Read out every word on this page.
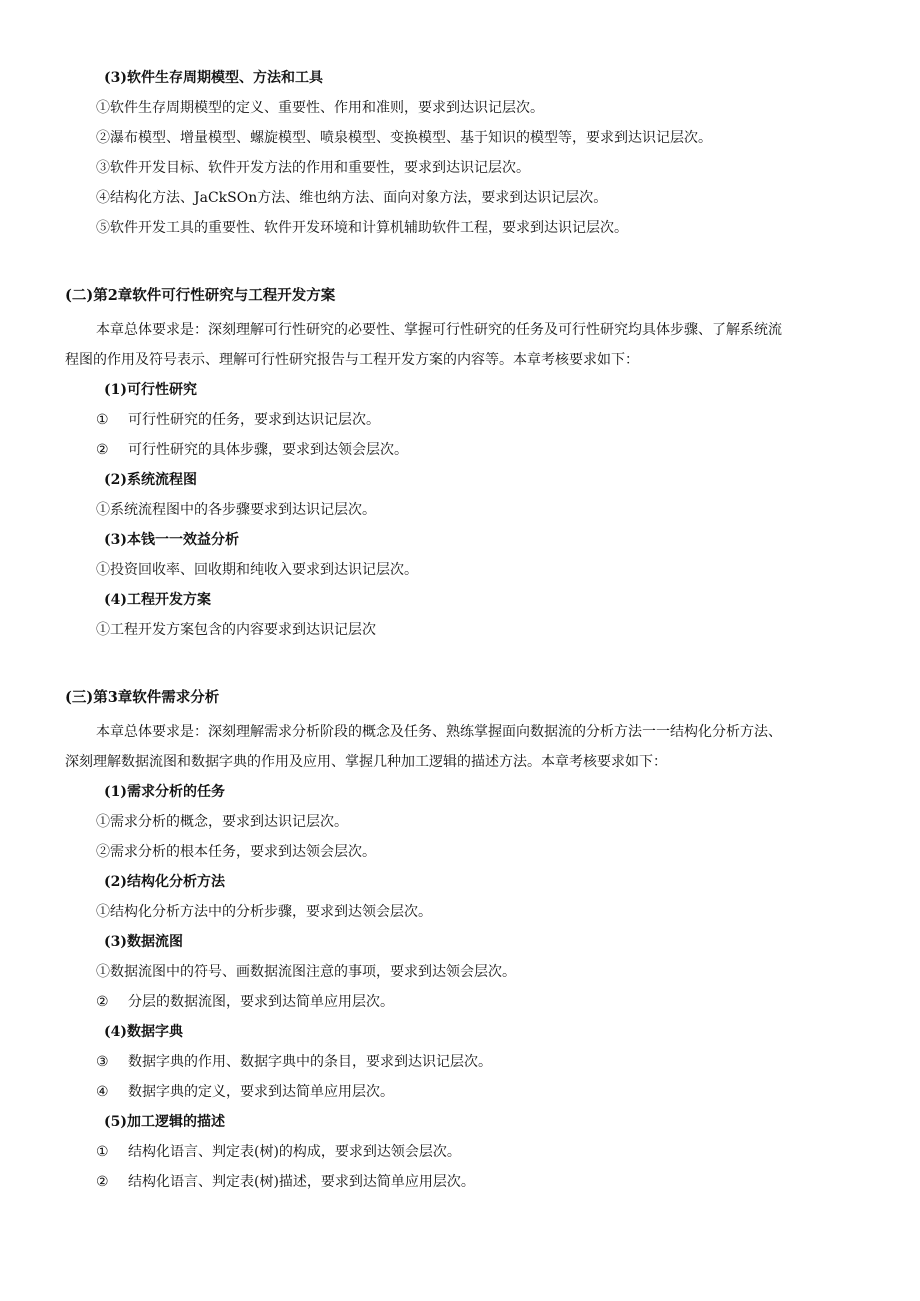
(3)软件生存周期模型、方法和工具
①软件生存周期模型的定义、重要性、作用和准则，要求到达识记层次。
②瀑布模型、增量模型、螺旋模型、喷泉模型、变换模型、基于知识的模型等，要求到达识记层次。
③软件开发目标、软件开发方法的作用和重要性，要求到达识记层次。
④结构化方法、JaCkSOn方法、维也纳方法、面向对象方法，要求到达识记层次。
⑤软件开发工具的重要性、软件开发环境和计算机辅助软件工程，要求到达识记层次。
(二)第2章软件可行性研究与工程开发方案
本章总体要求是：深刻理解可行性研究的必要性、掌握可行性研究的任务及可行性研究均具体步骤、了解系统流
程图的作用及符号表示、理解可行性研究报告与工程开发方案的内容等。本章考核要求如下：
(1)可行性研究
① 可行性研究的任务，要求到达识记层次。
② 可行性研究的具体步骤，要求到达领会层次。
(2)系统流程图
①系统流程图中的各步骤要求到达识记层次。
(3)本钱一一效益分析
①投资回收率、回收期和纯收入要求到达识记层次。
(4)工程开发方案
①工程开发方案包含的内容要求到达识记层次
(三)第3章软件需求分析
本章总体要求是：深刻理解需求分析阶段的概念及任务、熟练掌握面向数据流的分析方法一一结构化分析方法、
深刻理解数据流图和数据字典的作用及应用、掌握几种加工逻辑的描述方法。本章考核要求如下：
(1)需求分析的任务
①需求分析的概念，要求到达识记层次。
②需求分析的根本任务，要求到达领会层次。
(2)结构化分析方法
①结构化分析方法中的分析步骤，要求到达领会层次。
(3)数据流图
①数据流图中的符号、画数据流图注意的事项，要求到达领会层次。
② 分层的数据流图，要求到达简单应用层次。
(4)数据字典
③ 数据字典的作用、数据字典中的条目，要求到达识记层次。
④ 数据字典的定义，要求到达简单应用层次。
(5)加工逻辑的描述
① 结构化语言、判定表(树)的构成，要求到达领会层次。
② 结构化语言、判定表(树)描述，要求到达简单应用层次。
